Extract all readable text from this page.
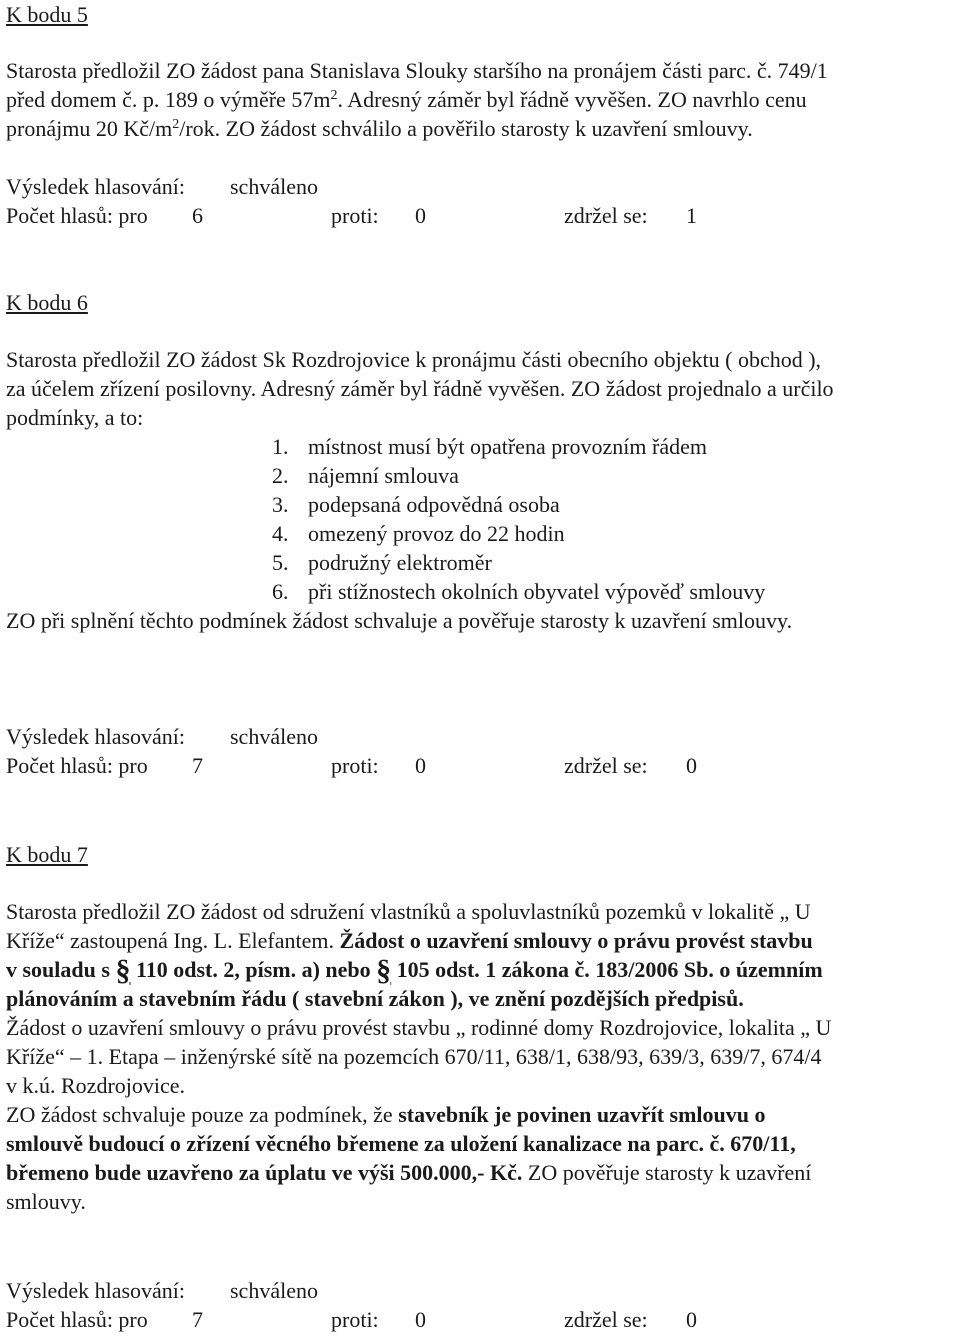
K bodu 5
Starosta předložil ZO žádost pana Stanislava Slouky staršího na pronájem části parc. č. 749/1
před domem č. p. 189 o výměře $57m^2$. Adresný záměr byl řádně vyvěšen. ZO navrhlo cenu
pronájmu 20 $Kč/m^2$/rok. ZO žádost schválilo a pověřilo starosty k uzavření smlouvy.
Výsledek hlasování: schváleno
Počet hlasů: pro 6	proti: 0	zdržel se: 1
K bodu 6
Starosta předložil ZO žádost Sk Rozdrojovice k pronájmu části obecního objektu ( obchod ),
za účelem zřízení posilovny. Adresný záměr byl řádně vyvěšen. ZO žádost projednalo a určilo
podmínky, a to:
1. místnost musí být opatřena provozním řádem
2. nájemní smlouva
3. podepsaná odpovědná osoba
4. omezený provoz do 22 hodin
5. podružný elektroměr
6. při stížnostech okolních obyvatel výpověď smlouvy
ZO při splnění těchto podmínek žádost schvaluje a pověřuje starosty k uzavření smlouvy.
Výsledek hlasování: schváleno
Počet hlasů: pro 7	proti: 0	zdržel se: 0
K bodu 7
Starosta předložil ZO žádost od sdružení vlastníků a spoluvlastníků pozemků v lokalitě „ U
Kříže“ zastoupená Ing. L. Elefantem. Žádost o uzavření smlouvy o právu provést stavbu
v souladu s § 110 odst. 2, písm. a) nebo § 105 odst. 1 zákona č. 183/2006 Sb. o územním
plánováním a stavebním řádu ( stavební zákon ), ve znění pozdějších předpisů.
Žádost o uzavření smlouvy o právu provést stavbu „ rodinné domy Rozdrojovice, lokalita „ U
Kříže“ – 1. Etapa – inženýrské sítě na pozemcích 670/11, 638/1, 638/93, 639/3, 639/7, 674/4
v k.ú. Rozdrojovice.
ZO žádost schvaluje pouze za podmínek, že stavebník je povinen uzavřít smlouvu o
smlouvě budoucí o zřízení věcného břemene za uložení kanalizace na parc. č. 670/11,
břemeno bude uzavřeno za úplatu ve výši 500.000,- Kč. ZO pověřuje starosty k uzavření
smlouvy.
Výsledek hlasování: schváleno
Počet hlasů: pro 7	proti: 0	zdržel se: 0
